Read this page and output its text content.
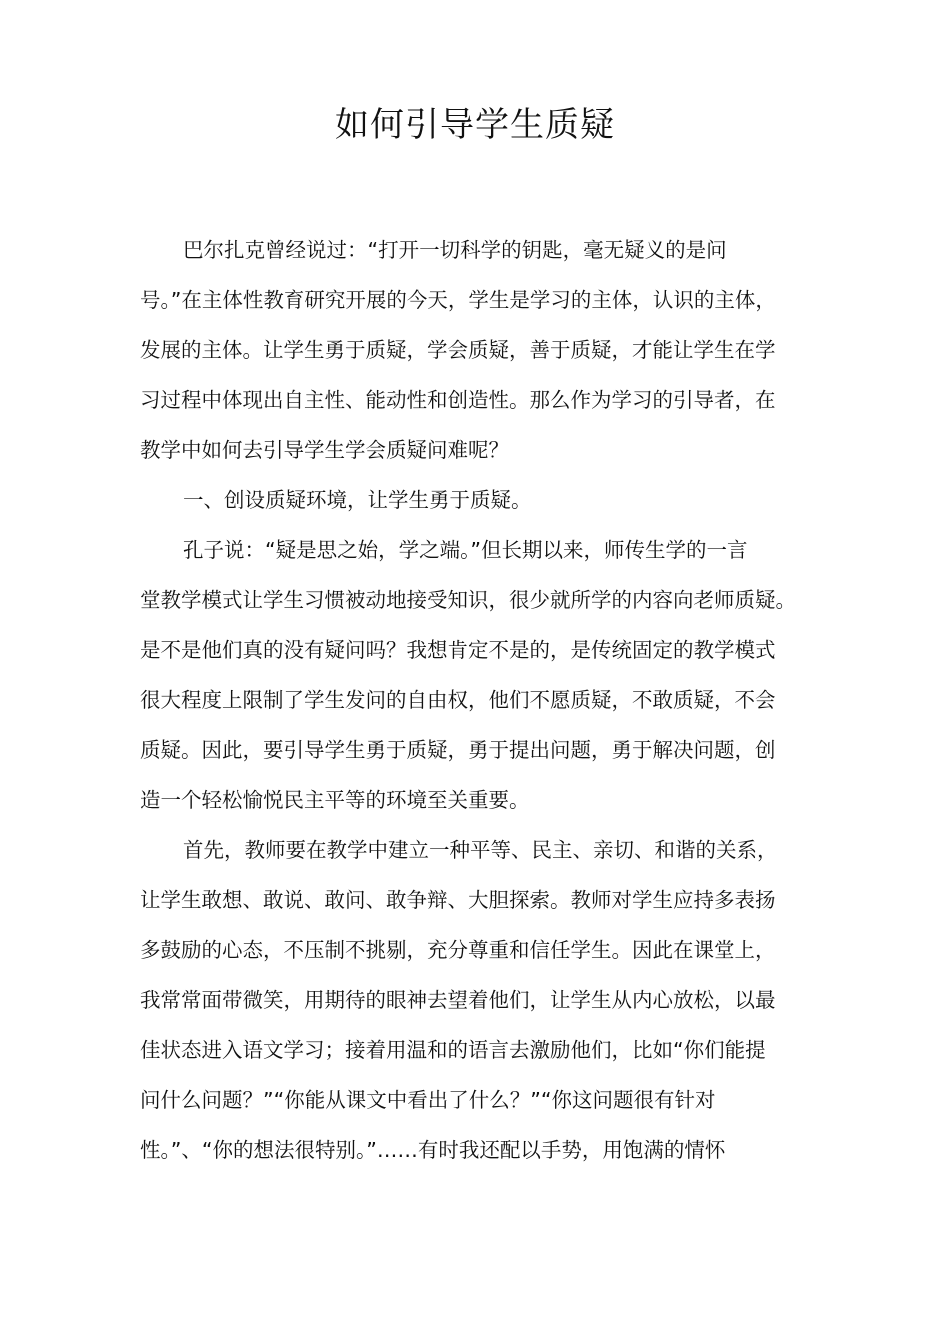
如何引导学生质疑

巴尔扎克曾经说过：“打开一切科学的钥匙，毫无疑义的是问

号。”在主体性教育研究开展的今天，学生是学习的主体，认识的主体，

发展的主体。让学生勇于质疑，学会质疑，善于质疑，才能让学生在学

习过程中体现出自主性、能动性和创造性。那么作为学习的引导者，在

教学中如何去引导学生学会质疑问难呢？

一、创设质疑环境，让学生勇于质疑。

孔子说：“疑是思之始，学之端。”但长期以来，师传生学的一言

堂教学模式让学生习惯被动地接受知识，很少就所学的内容向老师质疑。

是不是他们真的没有疑问吗？我想肯定不是的，是传统固定的教学模式

很大程度上限制了学生发问的自由权，他们不愿质疑，不敢质疑，不会

质疑。因此，要引导学生勇于质疑，勇于提出问题，勇于解决问题，创

造一个轻松愉悦民主平等的环境至关重要。

首先，教师要在教学中建立一种平等、民主、亲切、和谐的关系，

让学生敢想、敢说、敢问、敢争辩、大胆探索。教师对学生应持多表扬

多鼓励的心态，不压制不挑剔，充分尊重和信任学生。因此在课堂上，

我常常面带微笑，用期待的眼神去望着他们，让学生从内心放松，以最

佳状态进入语文学习；接着用温和的语言去激励他们，比如“你们能提

问什么问题？”“你能从课文中看出了什么？”“你这问题很有针对

性。”、“你的想法很特别。”……有时我还配以手势，用饱满的情怀
